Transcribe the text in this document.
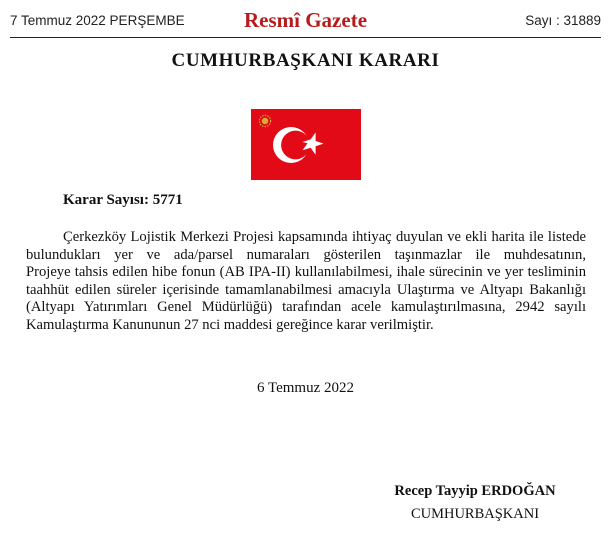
7 Temmuz 2022 PERŞEMBE	Resmî Gazete	Sayı : 31889
CUMHURBAŞKANI KARARI
Karar Sayısı: 5771
Çerkezköy Lojistik Merkezi Projesi kapsamında ihtiyaç duyulan ve ekli harita ile listede
bulundukları yer ve ada/parsel numaraları gösterilen taşınmazlar ile muhdesatının,
Projeye tahsis edilen hibe fonun (AB IPA-II) kullanılabilmesi, ihale sürecinin ve yer tesliminin
taahhüt edilen süreler içerisinde tamamlanabilmesi amacıyla Ulaştırma ve Altyapı Bakanlığı
(Altyapı Yatırımları Genel Müdürlüğü) tarafından acele kamulaştırılmasına, 2942 sayılı
Kamulaştırma Kanununun 27 nci maddesi gereğince karar verilmiştir.
6 Temmuz 2022
Recep Tayyip ERDOĞAN
CUMHURBAŞKANI
